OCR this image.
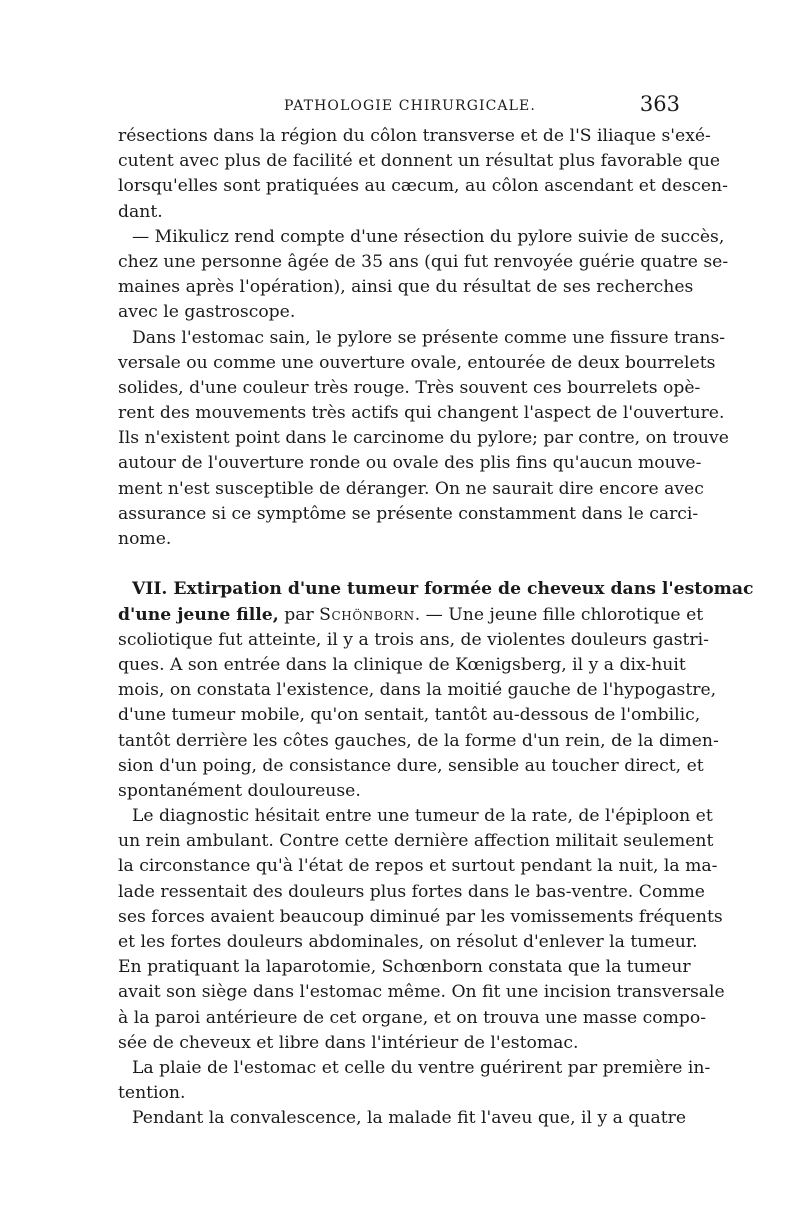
PATHOLOGIE CHIRURGICALE.	363
résections dans la région du côlon transverse et de l'S iliaque s'exé-
cutent avec plus de facilité et donnent un résultat plus favorable que
lorsqu'elles sont pratiquées au cæcum, au côlon ascendant et descen-
dant.
— Mikulicz rend compte d'une résection du pylore suivie de succès,
chez une personne âgée de 35 ans (qui fut renvoyée guérie quatre se-
maines après l'opération), ainsi que du résultat de ses recherches
avec le gastroscope.
Dans l'estomac sain, le pylore se présente comme une fissure trans-
versale ou comme une ouverture ovale, entourée de deux bourrelets
solides, d'une couleur très rouge. Très souvent ces bourrelets opè-
rent des mouvements très actifs qui changent l'aspect de l'ouverture.
Ils n'existent point dans le carcinome du pylore; par contre, on trouve
autour de l'ouverture ronde ou ovale des plis fins qu'aucun mouve-
ment n'est susceptible de déranger. On ne saurait dire encore avec
assurance si ce symptôme se présente constamment dans le carci-
nome.
VII. Extirpation d'une tumeur formée de cheveux dans l'estomac
d'une jeune fille, par Schönborn. — Une jeune fille chlorotique et
scoliotique fut atteinte, il y a trois ans, de violentes douleurs gastri-
ques. A son entrée dans la clinique de Kœnigsberg, il y a dix-huit
mois, on constata l'existence, dans la moitié gauche de l'hypogastre,
d'une tumeur mobile, qu'on sentait, tantôt au-dessous de l'ombilic,
tantôt derrière les côtes gauches, de la forme d'un rein, de la dimen-
sion d'un poing, de consistance dure, sensible au toucher direct, et
spontanément douloureuse.
Le diagnostic hésitait entre une tumeur de la rate, de l'épiploon et
un rein ambulant. Contre cette dernière affection militait seulement
la circonstance qu'à l'état de repos et surtout pendant la nuit, la ma-
lade ressentait des douleurs plus fortes dans le bas-ventre. Comme
ses forces avaient beaucoup diminué par les vomissements fréquents
et les fortes douleurs abdominales, on résolut d'enlever la tumeur.
En pratiquant la laparotomie, Schœnborn constata que la tumeur
avait son siège dans l'estomac même. On fit une incision transversale
à la paroi antérieure de cet organe, et on trouva une masse compo-
sée de cheveux et libre dans l'intérieur de l'estomac.
La plaie de l'estomac et celle du ventre guérirent par première in-
tention.
Pendant la convalescence, la malade fit l'aveu que, il y a quatre
